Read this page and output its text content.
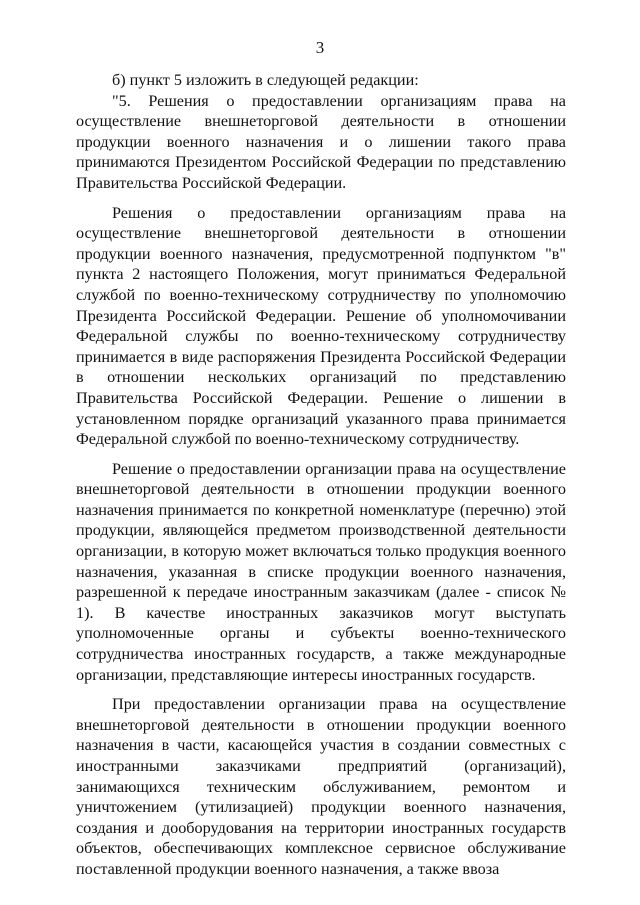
3

б) пункт 5 изложить в следующей редакции:

"5. Решения о предоставлении организациям права на осуществление внешнеторговой деятельности в отношении продукции военного назначения и о лишении такого права принимаются Президентом Российской Федерации по представлению Правительства Российской Федерации.

Решения о предоставлении организациям права на осуществление внешнеторговой деятельности в отношении продукции военного назначения, предусмотренной подпунктом "в" пункта 2 настоящего Положения, могут приниматься Федеральной службой по военно-техническому сотрудничеству по уполномочию Президента Российской Федерации. Решение об уполномочивании Федеральной службы по военно-техническому сотрудничеству принимается в виде распоряжения Президента Российской Федерации в отношении нескольких организаций по представлению Правительства Российской Федерации. Решение о лишении в установленном порядке организаций указанного права принимается Федеральной службой по военно-техническому сотрудничеству.

Решение о предоставлении организации права на осуществление внешнеторговой деятельности в отношении продукции военного назначения принимается по конкретной номенклатуре (перечню) этой продукции, являющейся предметом производственной деятельности организации, в которую может включаться только продукция военного назначения, указанная в списке продукции военного назначения, разрешенной к передаче иностранным заказчикам (далее - список № 1). В качестве иностранных заказчиков могут выступать уполномоченные органы и субъекты военно-технического сотрудничества иностранных государств, а также международные организации, представляющие интересы иностранных государств.

При предоставлении организации права на осуществление внешнеторговой деятельности в отношении продукции военного назначения в части, касающейся участия в создании совместных с иностранными заказчиками предприятий (организаций), занимающихся техническим обслуживанием, ремонтом и уничтожением (утилизацией) продукции военного назначения, создания и дооборудования на территории иностранных государств объектов, обеспечивающих комплексное сервисное обслуживание поставленной продукции военного назначения, а также ввоза
